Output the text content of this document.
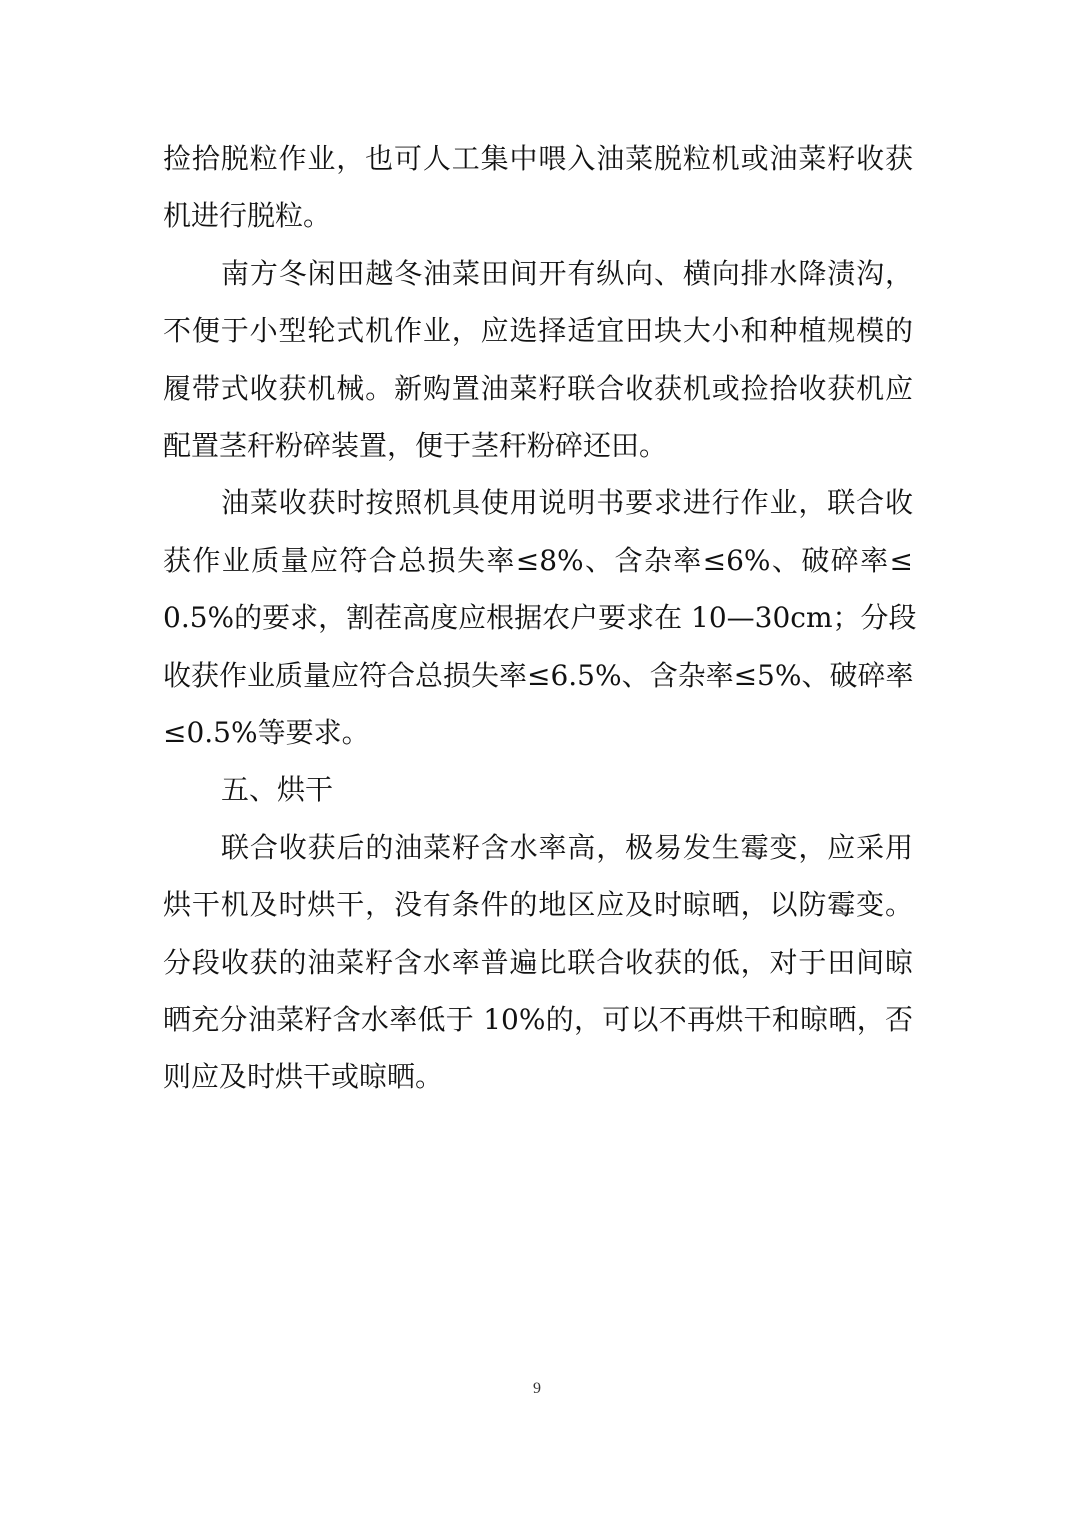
捡拾脱粒作业，也可人工集中喂入油菜脱粒机或油菜籽收获
机进行脱粒。
南方冬闲田越冬油菜田间开有纵向、横向排水降渍沟，
不便于小型轮式机作业，应选择适宜田块大小和种植规模的
履带式收获机械。新购置油菜籽联合收获机或捡拾收获机应
配置茎秆粉碎装置，便于茎秆粉碎还田。
油菜收获时按照机具使用说明书要求进行作业，联合收
获作业质量应符合总损失率≤8%、含杂率≤6%、破碎率≤
0.5%的要求，割茬高度应根据农户要求在 10—30cm；分段
收获作业质量应符合总损失率≤6.5%、含杂率≤5%、破碎率
≤0.5%等要求。
五、烘干
联合收获后的油菜籽含水率高，极易发生霉变，应采用
烘干机及时烘干，没有条件的地区应及时晾晒，以防霉变。
分段收获的油菜籽含水率普遍比联合收获的低，对于田间晾
晒充分油菜籽含水率低于 10%的，可以不再烘干和晾晒，否
则应及时烘干或晾晒。
9
